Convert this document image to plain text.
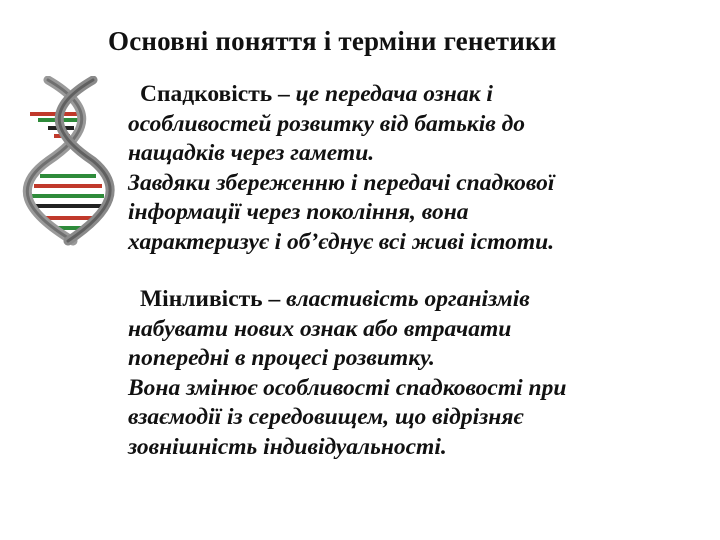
Основні поняття і терміни генетики
Спадковість – це передача ознак і
особливостей розвитку від батьків до
нащадків через гамети.
Завдяки збереженню і передачі спадкової
інформації через покоління, вона
характеризує і об’єднує всі живі істоти.
Мінливість – властивість організмів
набувати нових ознак або втрачати
попередні в процесі розвитку.
Вона змінює особливості спадковості при
взаємодії із середовищем, що відрізняє
зовнішність індивідуальності.
